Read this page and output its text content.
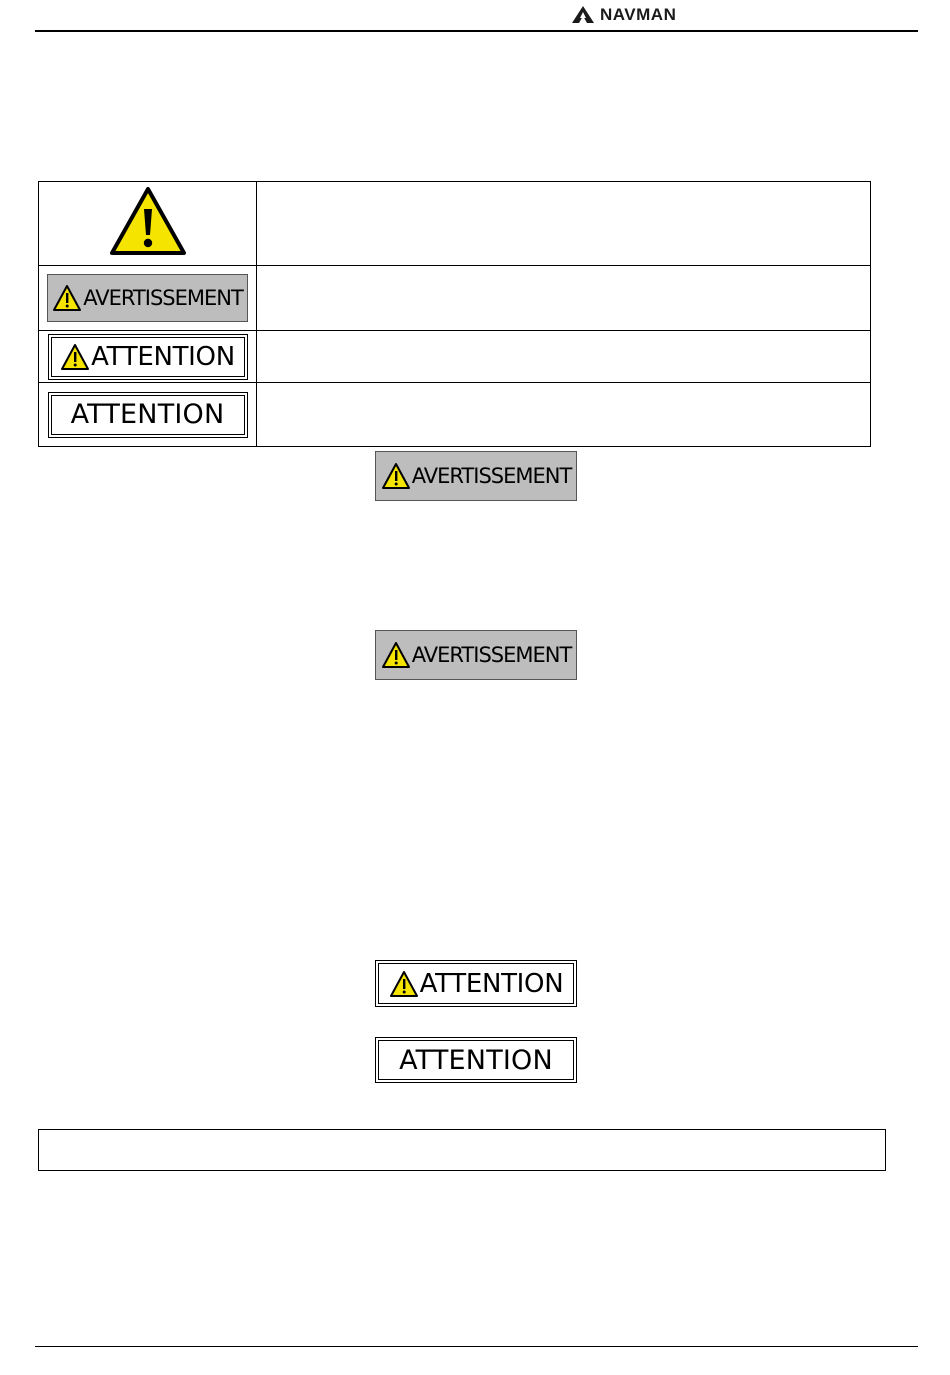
NAVMAN

AVERTISSEMENT	

ATTENTION	

ATTENTION	

AVERTISSEMENT
AVERTISSEMENT
ATTENTION
ATTENTION
